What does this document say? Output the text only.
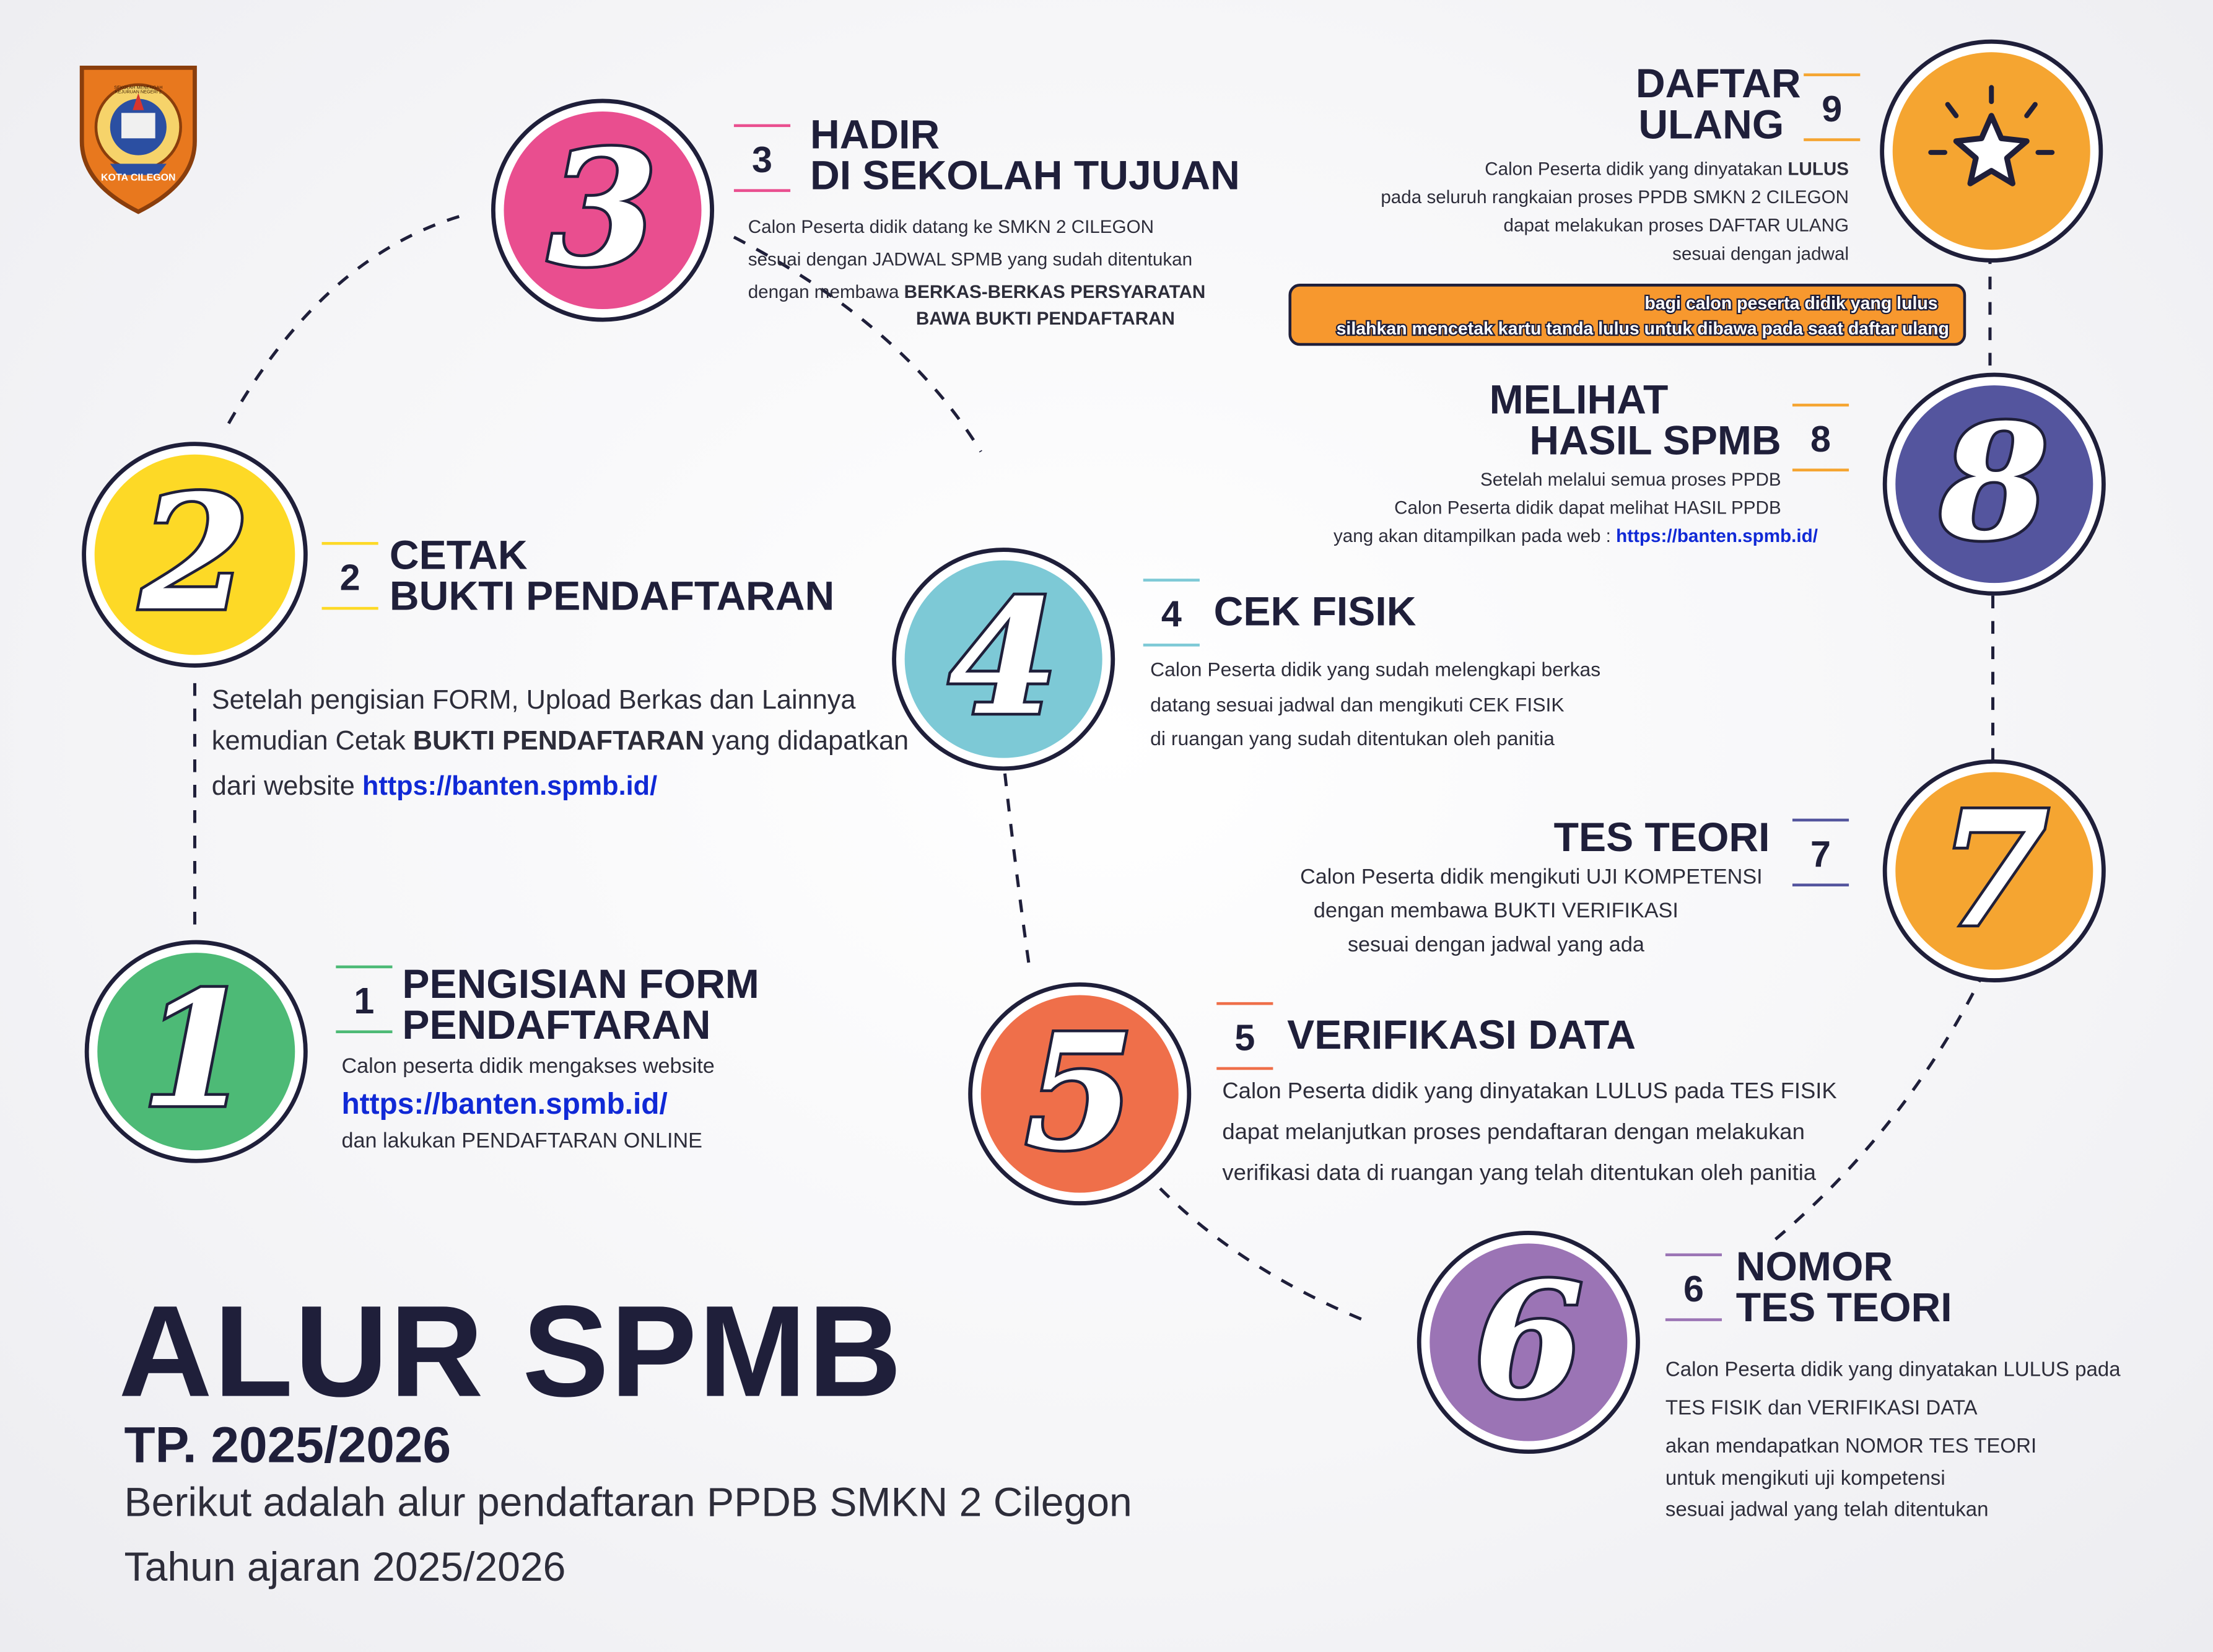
KOTA CILEGON
SEKOLAH MENENGAH KEJURUAN NEGERI 2
1	1	PENGISIAN FORM
PENDAFTARAN
Calon peserta didik mengakses website
https://banten.spmb.id/
dan lakukan PENDAFTARAN ONLINE
2	2	CETAK
BUKTI PENDAFTARAN
Setelah pengisian FORM, Upload Berkas dan Lainnya
kemudian Cetak BUKTI PENDAFTARAN yang didapatkan
dari website https://banten.spmb.id/
3	3
HADIR
DI SEKOLAH TUJUAN
Calon Peserta didik datang ke SMKN 2 CILEGON
sesuai dengan JADWAL SPMB yang sudah ditentukan
dengan membawa BERKAS-BERKAS PERSYARATAN
BAWA BUKTI PENDAFTARAN
4	4	CEK FISIK
Calon Peserta didik yang sudah melengkapi berkas
datang sesuai jadwal dan mengikuti CEK FISIK
di ruangan yang sudah ditentukan oleh panitia
5	5	VERIFIKASI DATA
Calon Peserta didik yang dinyatakan LULUS pada TES FISIK
dapat melanjutkan proses pendaftaran dengan melakukan
verifikasi data di ruangan yang telah ditentukan oleh panitia
6	6	NOMOR
TES TEORI
Calon Peserta didik yang dinyatakan LULUS pada
TES FISIK dan VERIFIKASI DATA
akan mendapatkan NOMOR TES TEORI
untuk mengikuti uji kompetensi
sesuai jadwal yang telah ditentukan
7
7
TES TEORI
Calon Peserta didik mengikuti UJI KOMPETENSI
dengan membawa BUKTI VERIFIKASI
sesuai dengan jadwal yang ada
8
8
MELIHAT
HASIL SPMB
Setelah melalui semua proses PPDB
Calon Peserta didik dapat melihat HASIL PPDB
yang akan ditampilkan pada web : https://banten.spmb.id/
9
DAFTAR
ULANG
Calon Peserta didik yang dinyatakan LULUS
pada seluruh rangkaian proses PPDB SMKN 2 CILEGON
dapat melakukan proses DAFTAR ULANG
sesuai dengan jadwal
bagi calon peserta didik yang lulus
silahkan mencetak kartu tanda lulus untuk dibawa pada saat daftar ulang
ALUR SPMB
TP. 2025/2026
Berikut adalah alur pendaftaran PPDB SMKN 2 Cilegon
Tahun ajaran 2025/2026
